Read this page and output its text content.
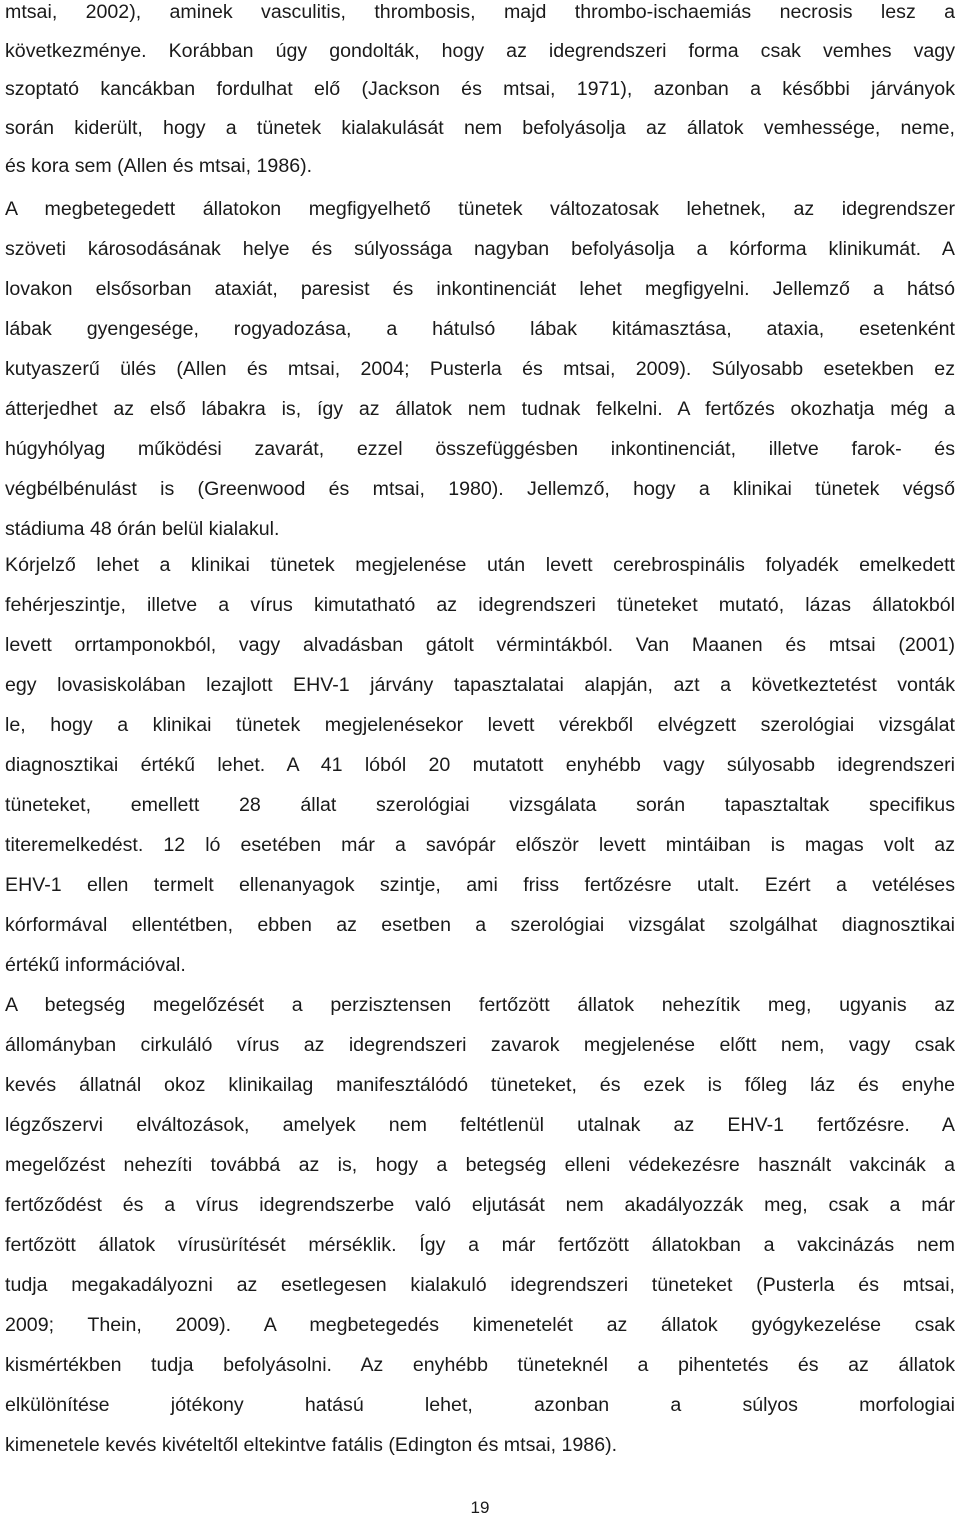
mtsai, 2002), aminek vasculitis, thrombosis, majd thrombo-ischaemiás necrosis lesz a
következménye. Korábban úgy gondolták, hogy az idegrendszeri forma csak vemhes vagy
szoptató kancákban fordulhat elő (Jackson és mtsai, 1971), azonban a későbbi járványok
során kiderült, hogy a tünetek kialakulását nem befolyásolja az állatok vemhessége, neme,
és kora sem (Allen és mtsai, 1986).
A megbetegedett állatokon megfigyelhető tünetek változatosak lehetnek, az idegrendszer
szöveti károsodásának helye és súlyossága nagyban befolyásolja a kórforma klinikumát. A
lovakon elsősorban ataxiát, paresist és inkontinenciát lehet megfigyelni. Jellemző a hátsó
lábak gyengesége, rogyadozása, a hátulsó lábak kitámasztása, ataxia, esetenként
kutyaszerű ülés (Allen és mtsai, 2004; Pusterla és mtsai, 2009). Súlyosabb esetekben ez
átterjedhet az első lábakra is, így az állatok nem tudnak felkelni. A fertőzés okozhatja még a
húgyhólyag működési zavarát, ezzel összefüggésben inkontinenciát, illetve farok- és
végbélbénulást is (Greenwood és mtsai, 1980). Jellemző, hogy a klinikai tünetek végső
stádiuma 48 órán belül kialakul.
Kórjelző lehet a klinikai tünetek megjelenése után levett cerebrospinális folyadék emelkedett
fehérjeszintje, illetve a vírus kimutatható az idegrendszeri tüneteket mutató, lázas állatokból
levett orrtamponokból, vagy alvadásban gátolt vérmintákból. Van Maanen és mtsai (2001)
egy lovasiskolában lezajlott EHV-1 járvány tapasztalatai alapján, azt a következtetést vonták
le, hogy a klinikai tünetek megjelenésekor levett vérekből elvégzett szerológiai vizsgálat
diagnosztikai értékű lehet. A 41 lóból 20 mutatott enyhébb vagy súlyosabb idegrendszeri
tüneteket, emellett 28 állat szerológiai vizsgálata során tapasztaltak specifikus
titeremelkedést. 12 ló esetében már a savópár először levett mintáiban is magas volt az
EHV-1 ellen termelt ellenanyagok szintje, ami friss fertőzésre utalt. Ezért a vetéléses
kórformával ellentétben, ebben az esetben a szerológiai vizsgálat szolgálhat diagnosztikai
értékű információval.
A betegség megelőzését a perzisztensen fertőzött állatok nehezítik meg, ugyanis az
állományban cirkuláló vírus az idegrendszeri zavarok megjelenése előtt nem, vagy csak
kevés állatnál okoz klinikailag manifesztálódó tüneteket, és ezek is főleg láz és enyhe
légzőszervi elváltozások, amelyek nem feltétlenül utalnak az EHV-1 fertőzésre. A
megelőzést nehezíti továbbá az is, hogy a betegség elleni védekezésre használt vakcinák a
fertőződést és a vírus idegrendszerbe való eljutását nem akadályozzák meg, csak a már
fertőzött állatok vírusürítését mérséklik. Így a már fertőzött állatokban a vakcinázás nem
tudja megakadályozni az esetlegesen kialakuló idegrendszeri tüneteket (Pusterla és mtsai,
2009; Thein, 2009). A megbetegedés kimenetelét az állatok gyógykezelése csak
kismértékben tudja befolyásolni. Az enyhébb tüneteknél a pihentetés és az állatok
elkülönítése jótékony hatású lehet, azonban a súlyos morfologiai
kimenetele kevés kivételtől eltekintve fatális (Edington és mtsai, 1986).
19
